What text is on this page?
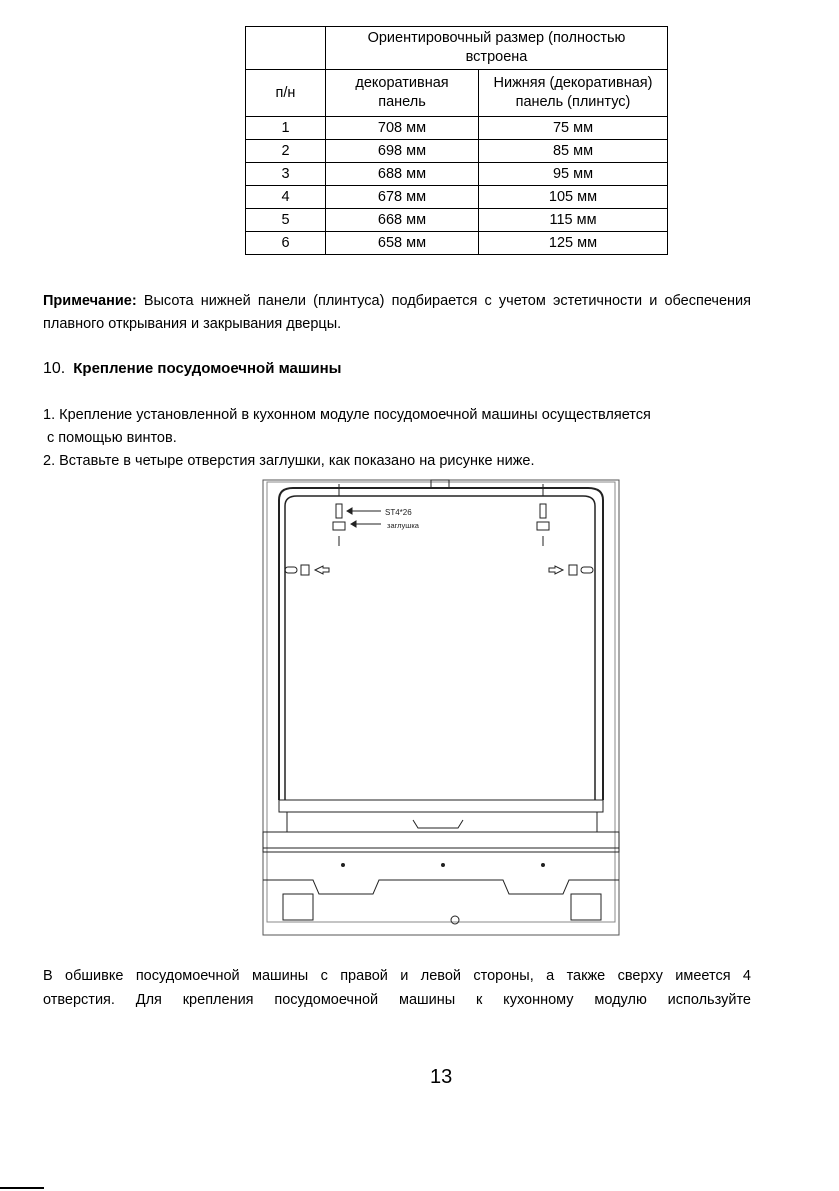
	Ориентировочный размер (полностью встроена	
п/н	декоративная панель	Нижняя (декоративная) панель (плинтус)
1	708 мм	75 мм
2	698 мм	85 мм
3	688 мм	95 мм
4	678 мм	105 мм
5	668 мм	115 мм
6	658 мм	125 мм
Примечание: Высота нижней панели (плинтуса) подбирается с учетом эстетичности и обеспечения плавного открывания и закрывания дверцы.
10. Крепление посудомоечной машины
1. Крепление установленной в кухонном модуле посудомоечной машины осуществляется
с помощью винтов.
2. Вставьте в четыре отверстия заглушки, как показано на рисунке ниже.
ST4*26
заглушка
В обшивке посудомоечной машины с правой и левой стороны, а также сверху имеется 4
отверстия. Для крепления посудомоечной машины к кухонному модулю используйте
13
